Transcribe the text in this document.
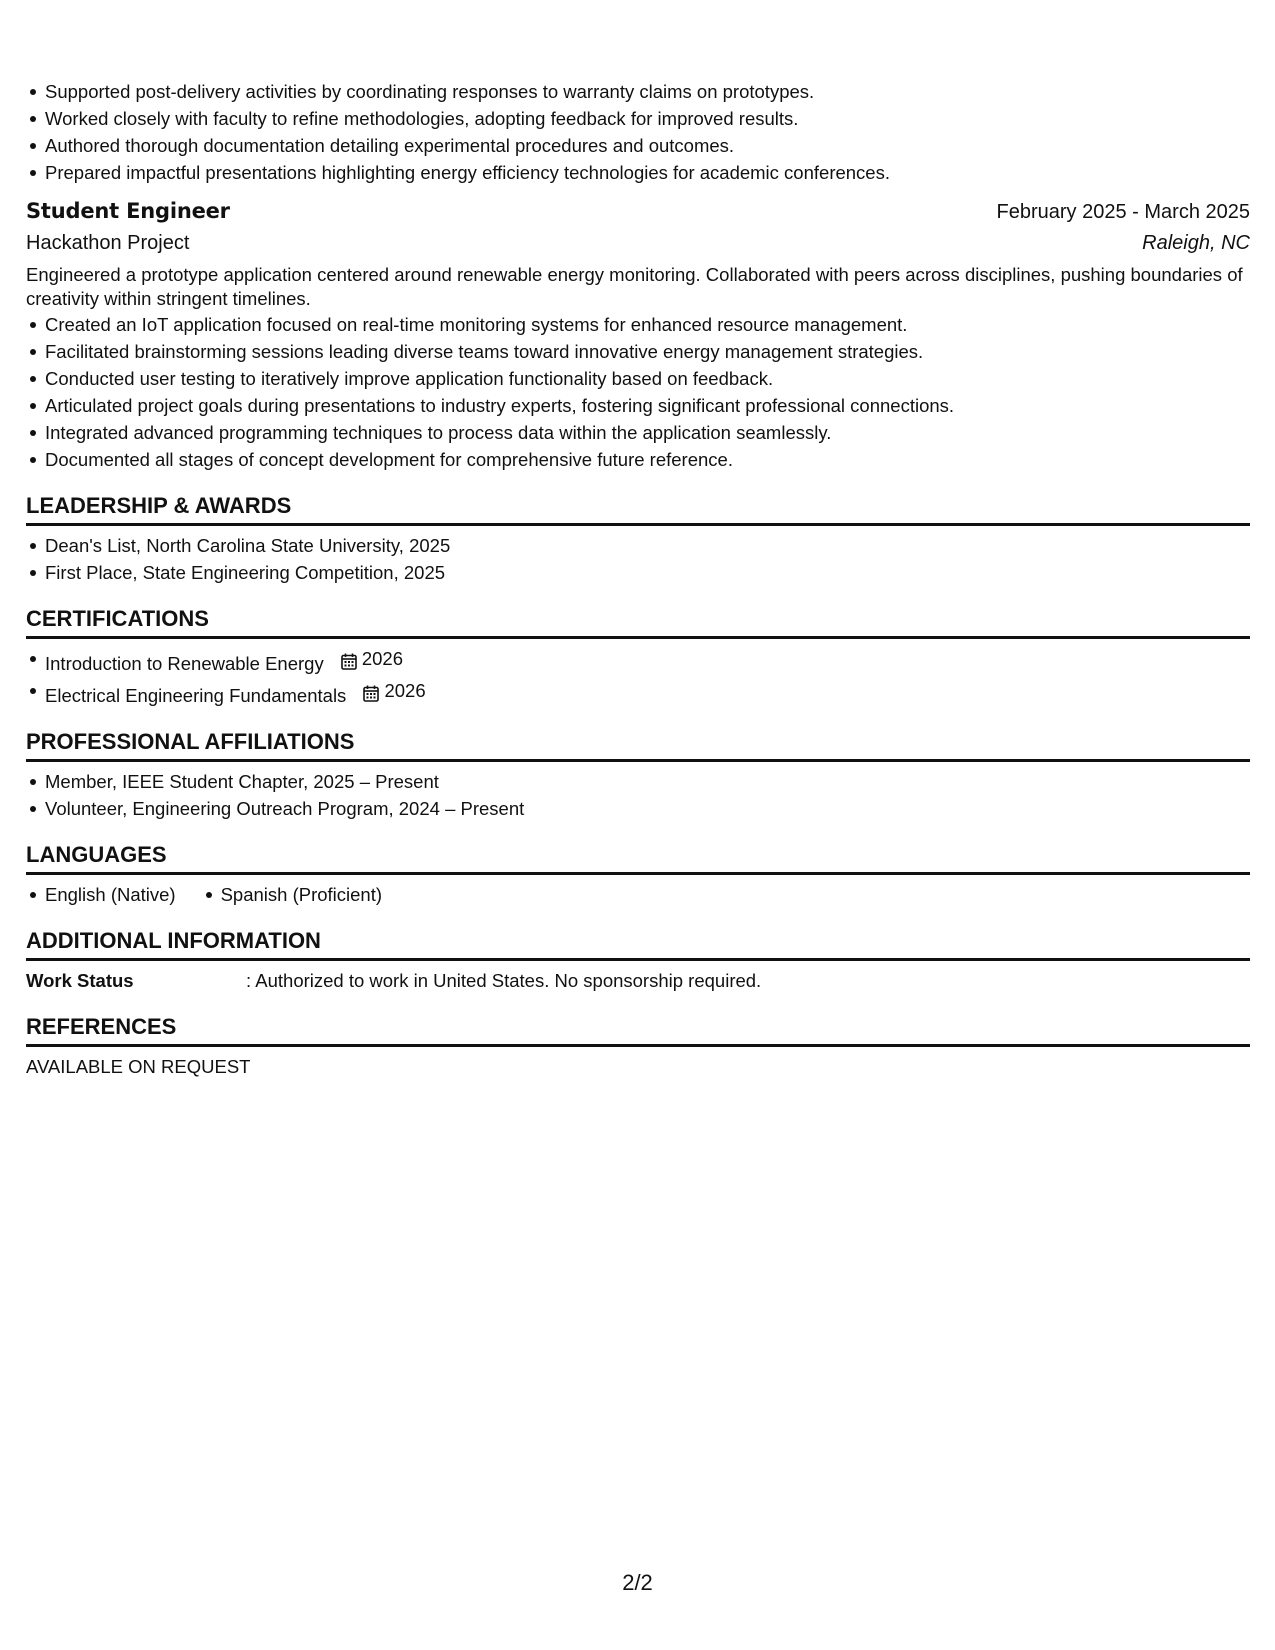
Supported post-delivery activities by coordinating responses to warranty claims on prototypes.
Worked closely with faculty to refine methodologies, adopting feedback for improved results.
Authored thorough documentation detailing experimental procedures and outcomes.
Prepared impactful presentations highlighting energy efficiency technologies for academic conferences.
Student Engineer	February 2025 - March 2025
Hackathon Project	Raleigh, NC
Engineered a prototype application centered around renewable energy monitoring. Collaborated with peers across disciplines, pushing boundaries of creativity within stringent timelines.
Created an IoT application focused on real-time monitoring systems for enhanced resource management.
Facilitated brainstorming sessions leading diverse teams toward innovative energy management strategies.
Conducted user testing to iteratively improve application functionality based on feedback.
Articulated project goals during presentations to industry experts, fostering significant professional connections.
Integrated advanced programming techniques to process data within the application seamlessly.
Documented all stages of concept development for comprehensive future reference.
LEADERSHIP & AWARDS
Dean's List, North Carolina State University, 2025
First Place, State Engineering Competition, 2025
CERTIFICATIONS
Introduction to Renewable Energy 2026
Electrical Engineering Fundamentals 2026
PROFESSIONAL AFFILIATIONS
Member, IEEE Student Chapter, 2025 – Present
Volunteer, Engineering Outreach Program, 2024 – Present
LANGUAGES
English (Native) Spanish (Proficient)
ADDITIONAL INFORMATION
Work Status	: Authorized to work in United States. No sponsorship required.
REFERENCES
AVAILABLE ON REQUEST
2/2
